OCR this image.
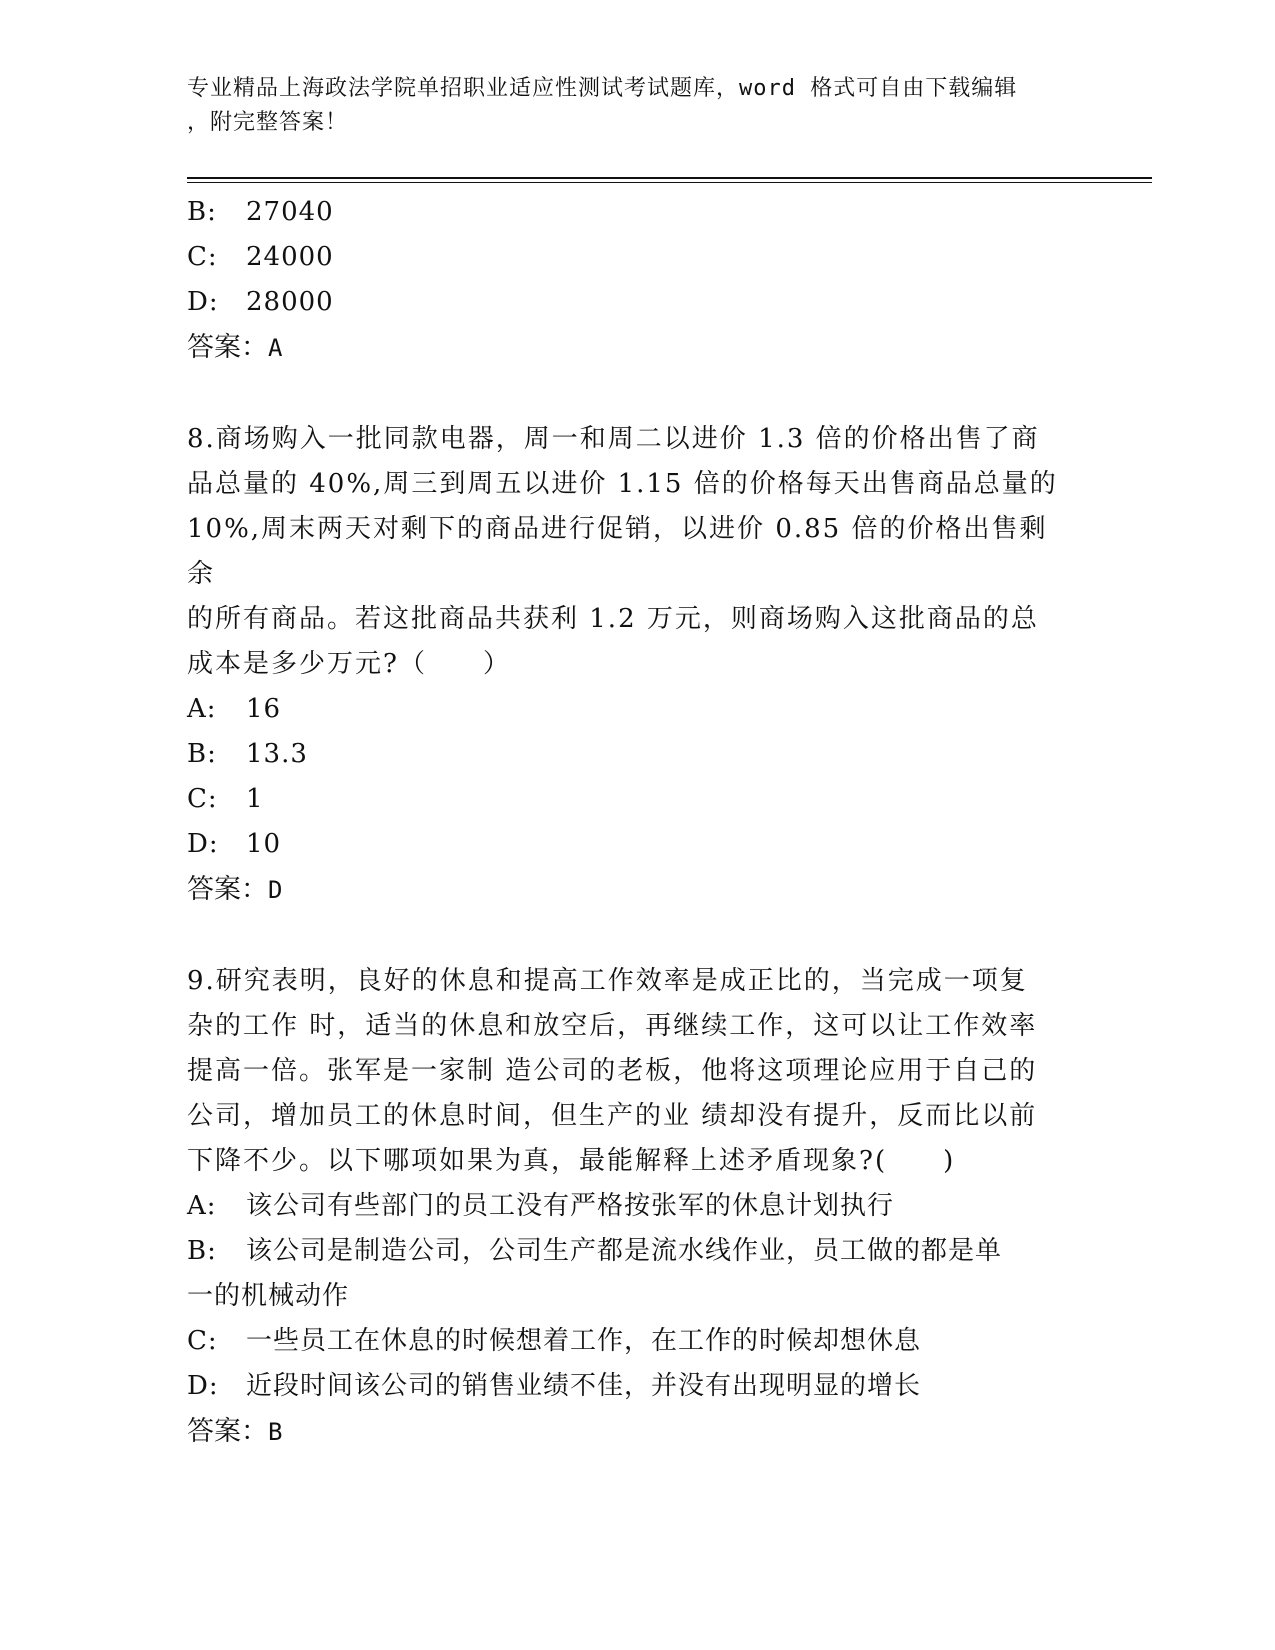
专业精品上海政法学院单招职业适应性测试考试题库，word 格式可自由下载编辑
，附完整答案！
B: 27040
C: 24000
D: 28000
答案：A
8.商场购入一批同款电器，周一和周二以进价 1.3 倍的价格出售了商
品总量的 40%,周三到周五以进价 1.15 倍的价格每天出售商品总量的
10%,周末两天对剩下的商品进行促销，以进价 0.85 倍的价格出售剩余
的所有商品。若这批商品共获利 1.2 万元，则商场购入这批商品的总
成本是多少万元?（　　）
A: 16
B: 13.3
C: 1
D: 10
答案：D
9.研究表明，良好的休息和提高工作效率是成正比的，当完成一项复
杂的工作 时，适当的休息和放空后，再继续工作，这可以让工作效率
提高一倍。张军是一家制 造公司的老板，他将这项理论应用于自己的
公司，增加员工的休息时间，但生产的业 绩却没有提升，反而比以前
下降不少。以下哪项如果为真，最能解释上述矛盾现象?(　　)
A: 该公司有些部门的员工没有严格按张军的休息计划执行
B: 该公司是制造公司，公司生产都是流水线作业，员工做的都是单
一的机械动作
C: 一些员工在休息的时候想着工作，在工作的时候却想休息
D: 近段时间该公司的销售业绩不佳，并没有出现明显的增长
答案：B
